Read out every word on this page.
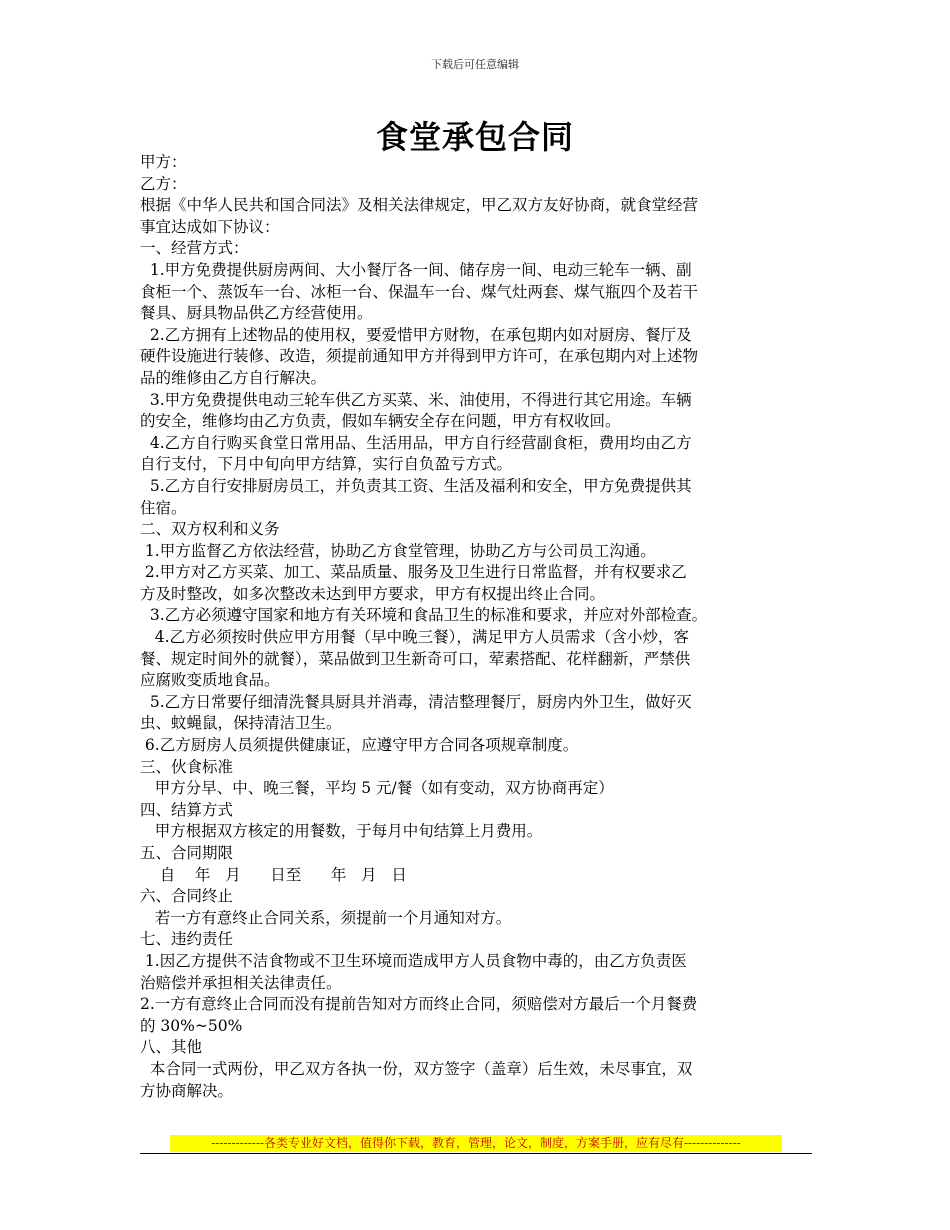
下载后可任意编辑
食堂承包合同
甲方：
乙方：
根据《中华人民共和国合同法》及相关法律规定，甲乙双方友好协商，就食堂经营
事宜达成如下协议：
一、经营方式：
1.甲方免费提供厨房两间、大小餐厅各一间、储存房一间、电动三轮车一辆、副
食柜一个、蒸饭车一台、冰柜一台、保温车一台、煤气灶两套、煤气瓶四个及若干
餐具、厨具物品供乙方经营使用。
2.乙方拥有上述物品的使用权，要爱惜甲方财物，在承包期内如对厨房、餐厅及
硬件设施进行装修、改造，须提前通知甲方并得到甲方许可，在承包期内对上述物
品的维修由乙方自行解决。
3.甲方免费提供电动三轮车供乙方买菜、米、油使用，不得进行其它用途。车辆
的安全，维修均由乙方负责，假如车辆安全存在问题，甲方有权收回。
4.乙方自行购买食堂日常用品、生活用品，甲方自行经营副食柜，费用均由乙方
自行支付，下月中旬向甲方结算，实行自负盈亏方式。
5.乙方自行安排厨房员工，并负责其工资、生活及福利和安全，甲方免费提供其
住宿。
二、双方权利和义务
1.甲方监督乙方依法经营，协助乙方食堂管理，协助乙方与公司员工沟通。
2.甲方对乙方买菜、加工、菜品质量、服务及卫生进行日常监督，并有权要求乙
方及时整改，如多次整改未达到甲方要求，甲方有权提出终止合同。
3.乙方必须遵守国家和地方有关环境和食品卫生的标准和要求，并应对外部检查。
4.乙方必须按时供应甲方用餐（早中晚三餐），满足甲方人员需求（含小炒，客
餐、规定时间外的就餐），菜品做到卫生新奇可口，荤素搭配、花样翻新，严禁供
应腐败变质地食品。
5.乙方日常要仔细清洗餐具厨具并消毒，清洁整理餐厅，厨房内外卫生，做好灭
虫、蚊蝇鼠，保持清洁卫生。
6.乙方厨房人员须提供健康证，应遵守甲方合同各项规章制度。
三、伙食标准
甲方分早、中、晚三餐，平均 5 元/餐（如有变动，双方协商再定）
四、结算方式
甲方根据双方核定的用餐数，于每月中旬结算上月费用。
五、合同期限
自    年   月      日至      年   月   日
六、合同终止
若一方有意终止合同关系，须提前一个月通知对方。
七、违约责任
1.因乙方提供不洁食物或不卫生环境而造成甲方人员食物中毒的，由乙方负责医
治赔偿并承担相关法律责任。
2.一方有意终止合同而没有提前告知对方而终止合同，须赔偿对方最后一个月餐费
的 30%~50%
八、其他
本合同一式两份，甲乙双方各执一份，双方签字（盖章）后生效，未尽事宜，双
方协商解决。
-------------各类专业好文档，值得你下载，教育，管理，论文，制度，方案手册，应有尽有--------------
